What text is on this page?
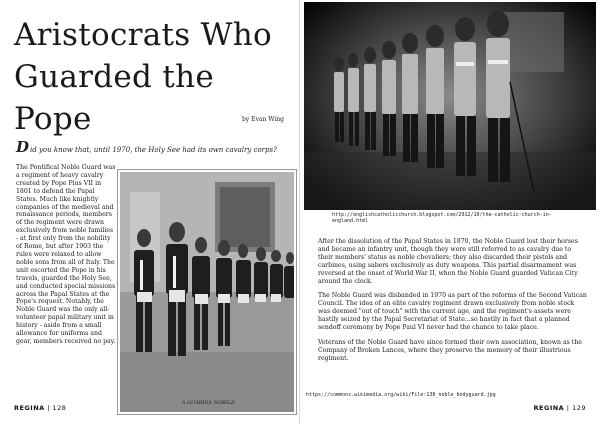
Aristocrats Who Guarded the Pope	by Evan Wing
Did you know that, until 1970, the Holy See had its own cavalry corps?
The Pontifical Noble Guard was a regiment of heavy cavalry created by Pope Pius VII in 1801 to defend the Papal States. Much like knightly companies of the medieval and renaissance periods, members of the regiment were drawn exclusively from noble families - at first only from the nobility of Rome, but after 1903 the rules were relaxed to allow noble sons from all of Italy. The unit escorted the Pope in his travels, guarded the Holy See, and conducted special missions across the Papal States at the Pope's request. Notably, the Noble Guard was the only all-volunteer papal military unit in history - aside from a small allowance for uniforms and gear, members received no pay.
A GUARDIA NOBILE.
REGINA | 128
http://englishcatholicchurch.blogspot.com/2012/10/the-catholic-church-in-england.html

After the dissolution of the Papal States in 1870, the Noble Guard lost their horses and became an infantry unit, though they were still referred to as cavalry due to their members' status as noble chevaliers; they also discarded their pistols and carbines, using sabers exclusively as duty weapons. This partial disarmament was reversed at the onset of World War II, when the Noble Guard guarded Vatican City around the clock.

The Noble Guard was disbanded in 1970 as part of the reforms of the Second Vatican Council. The idea of an elite cavalry regiment drawn exclusively from noble stock was deemed "out of touch" with the current age, and the regiment's assets were hastily seized by the Papal Secretariat of State...so hastily in fact that a planned sendoff ceremony by Pope Paul VI never had the chance to take place.

Veterans of the Noble Guard have since formed their own association, known as the Company of Broken Lances, where they preserve the memory of their illustrious regiment.

REGINA | 129
https://commons.wikimedia.org/wiki/File:138_noble_bodyguard.jpg
